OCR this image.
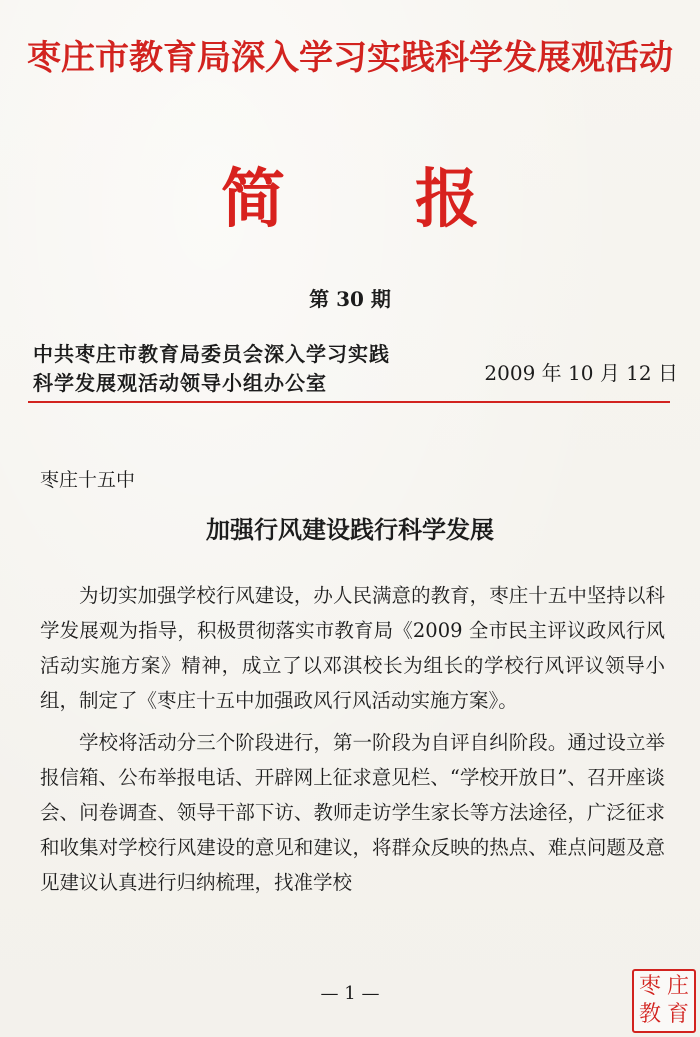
枣庄市教育局深入学习实践科学发展观活动
简 报
第 30 期
中共枣庄市教育局委员会深入学习实践
科学发展观活动领导小组办公室	2009 年 10 月 12 日
枣庄十五中
加强行风建设践行科学发展

为切实加强学校行风建设，办人民满意的教育，枣庄十五中坚持以科学发展观为指导，积极贯彻落实市教育局《2009 全市民主评议政风行风活动实施方案》精神，成立了以邓淇校长为组长的学校行风评议领导小组，制定了《枣庄十五中加强政风行风活动实施方案》。

学校将活动分三个阶段进行，第一阶段为自评自纠阶段。通过设立举报信箱、公布举报电话、开辟网上征求意见栏、“学校开放日”、召开座谈会、问卷调查、领导干部下访、教师走访学生家长等方法途径，广泛征求和收集对学校行风建设的意见和建议，将群众反映的热点、难点问题及意见建议认真进行归纳梳理，找准学校

— 1 —	枣 庄
教 育
